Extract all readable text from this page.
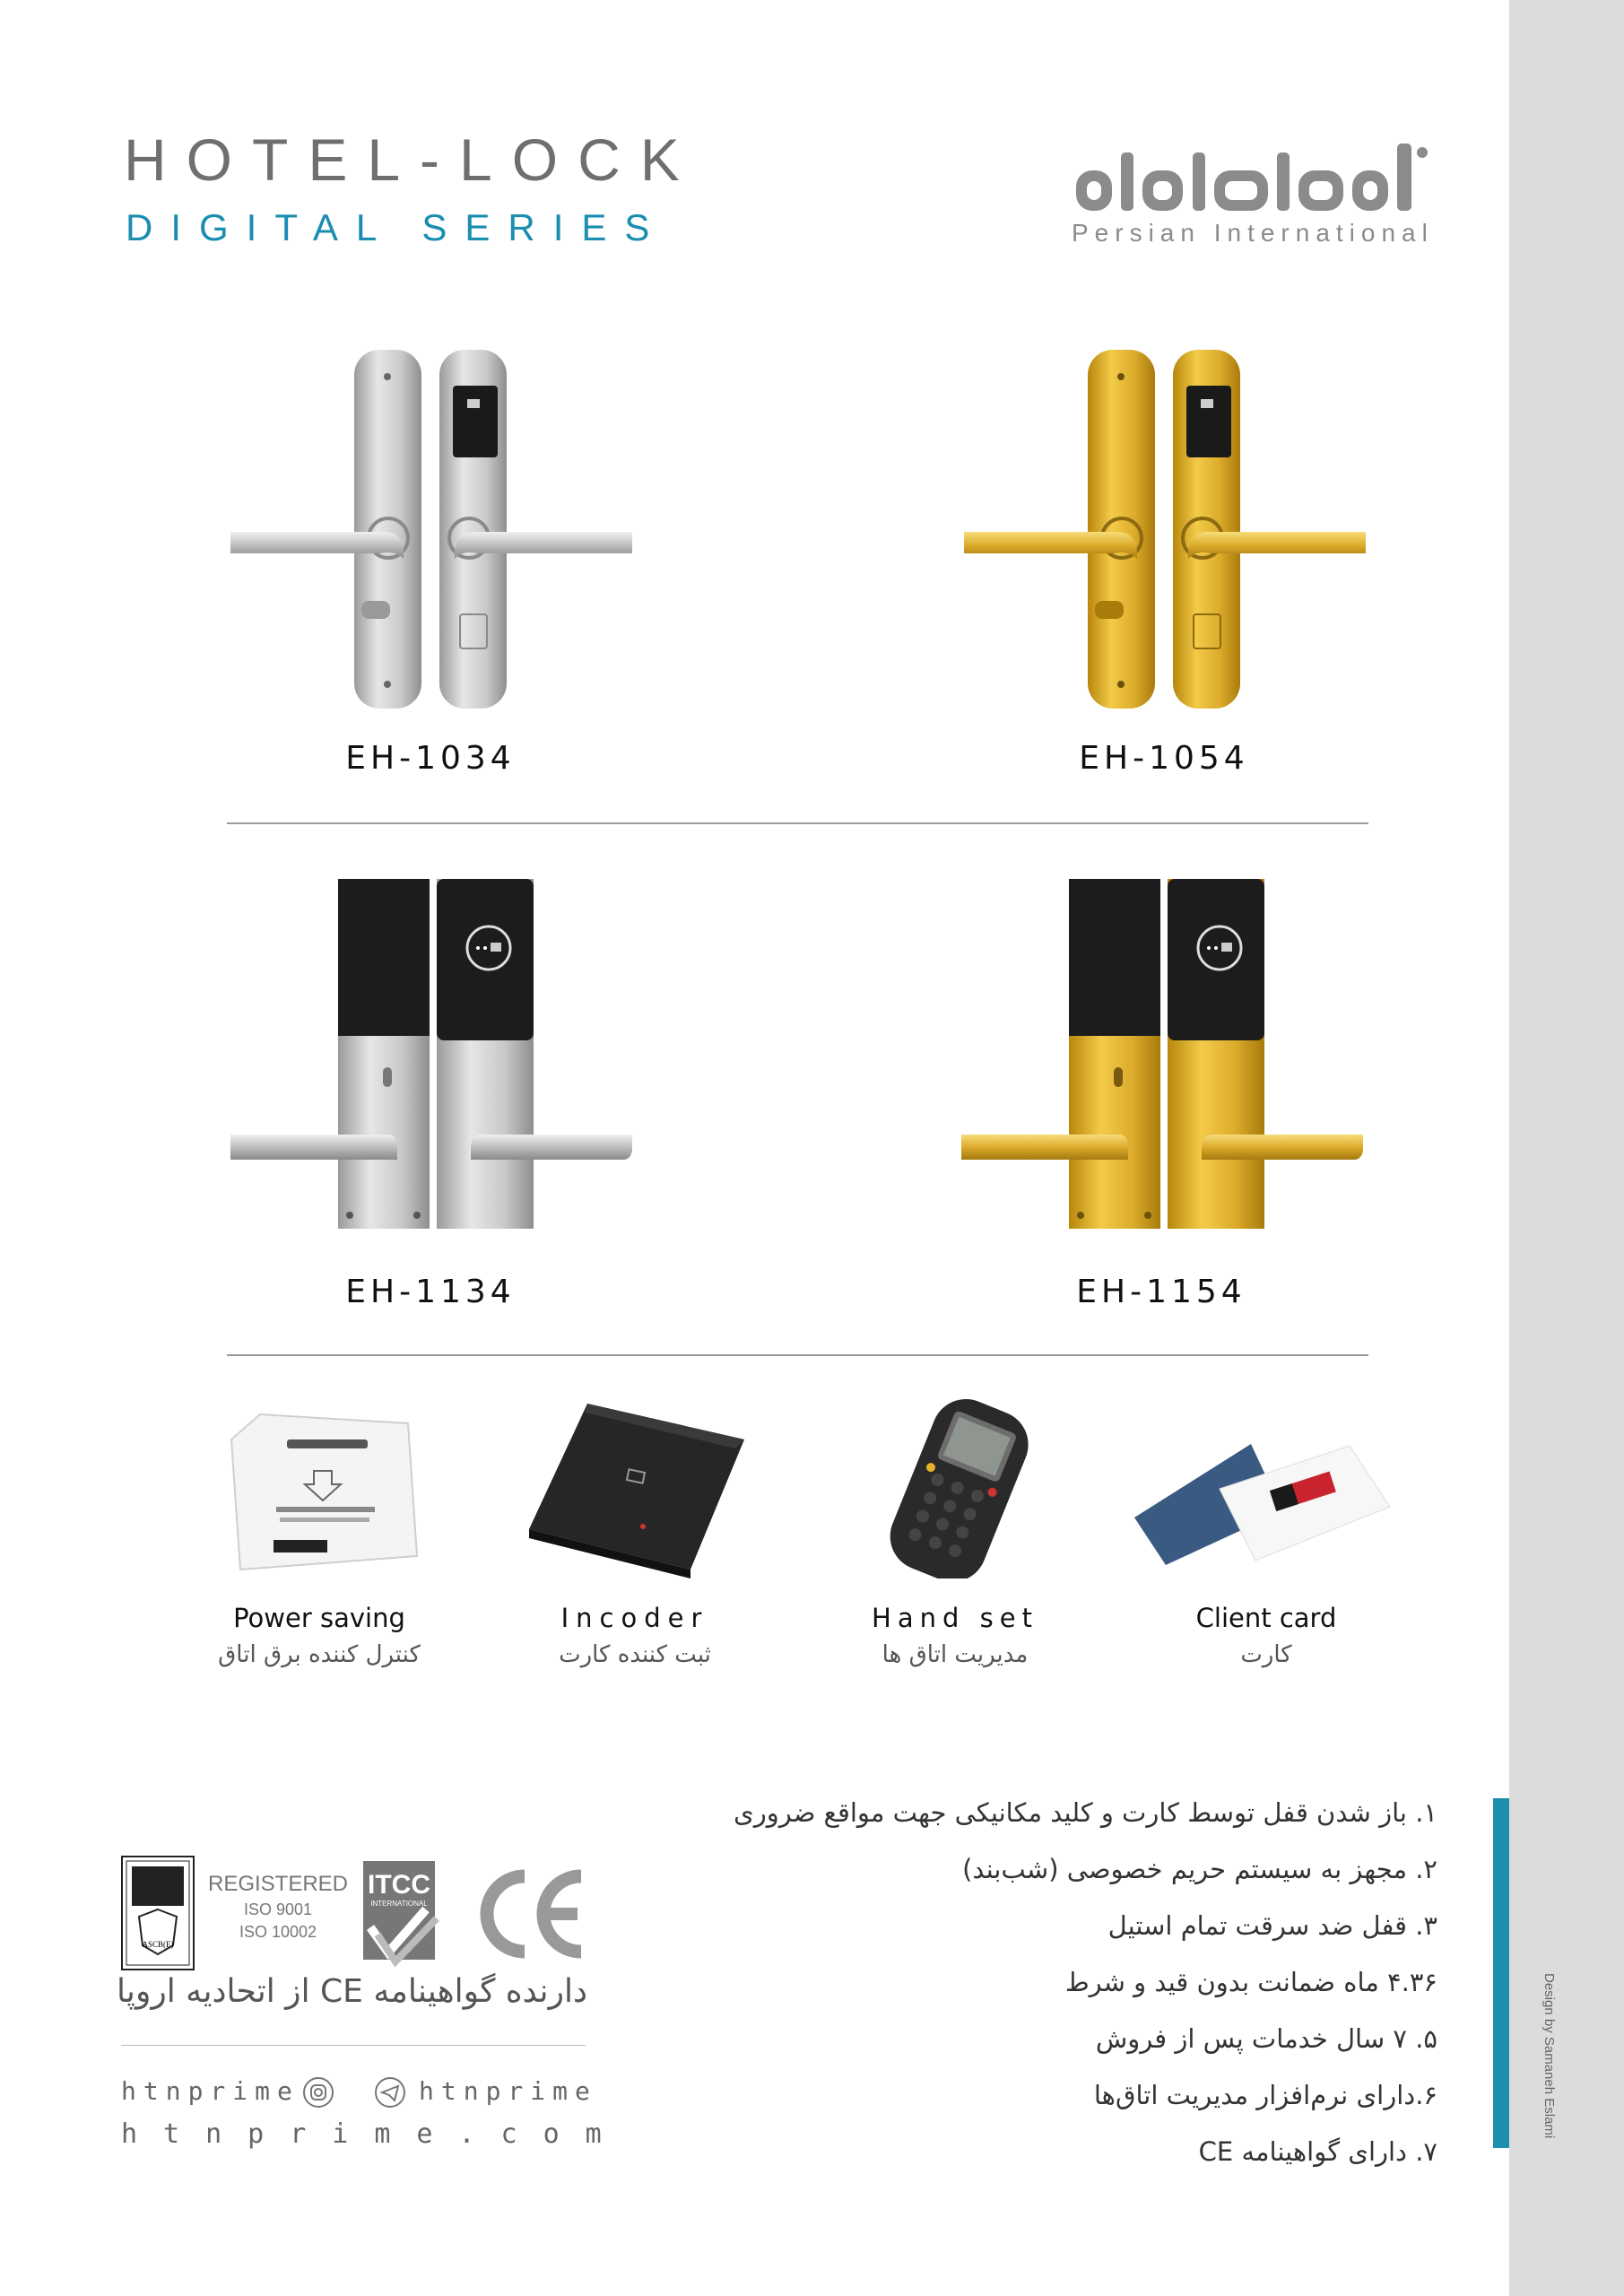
Design by Samaneh Eslami
HOTEL-LOCK
DIGITAL SERIES	Persian International
EH-1034	EH-1054
EH-1134	EH-1154
Power saving
کنترل کننده برق اتاق
Incoder
ثبت کننده کارت
Hand set
مدیریت اتاق ها
Client card
کارت
۱. باز شدن قفل توسط کارت و کلید مکانیکی جهت مواقع ضروری
۲. مجهز به سیستم حریم خصوصی (شب‌بند)
۳. قفل ضد سرقت تمام استیل
۴.۳۶ ماه ضمانت بدون قید و شرط
۵. ۷ سال خدمات پس از فروش
۶.دارای نرم‌افزار مدیریت اتاق‌ها
۷. دارای گواهینامه CE
ASCB(E)
REGISTERED
ISO 9001
ISO 10002
ITCC
INTERNATIONAL
دارنده گواهینامه CE از اتحادیه اروپا
htnprime	htnprime
htnprime.com
